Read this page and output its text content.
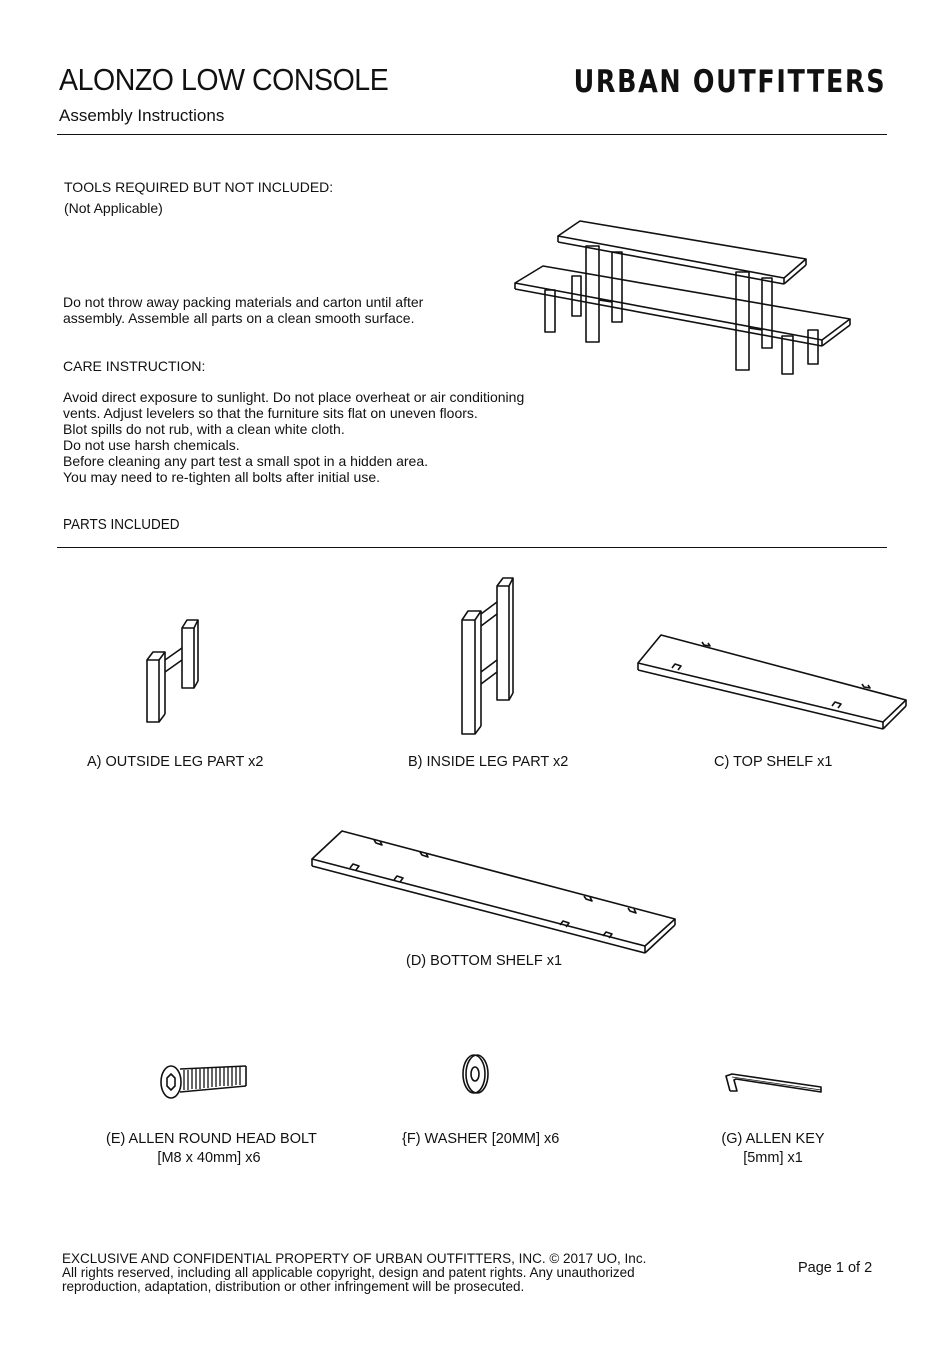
ALONZO LOW CONSOLE
Assembly Instructions
URBAN OUTFITTERS
TOOLS REQUIRED BUT NOT INCLUDED:
(Not Applicable)
Do not throw away packing materials and carton until after
assembly. Assemble all parts on a clean smooth surface.
CARE INSTRUCTION:
Avoid direct exposure to sunlight. Do not place overheat or air conditioning
vents. Adjust levelers so that the furniture sits flat on uneven floors.
Blot spills do not rub, with a clean white cloth.
Do not use harsh chemicals.
Before cleaning any part test a small spot in a hidden area.
You may need to re-tighten all bolts after initial use.
PARTS INCLUDED
A) OUTSIDE LEG PART x2	B) INSIDE LEG PART x2	C) TOP SHELF x1
(D) BOTTOM SHELF x1
(E) ALLEN ROUND HEAD BOLT
[M8 x 40mm] x6
{F) WASHER [20MM] x6	(G) ALLEN KEY
[5mm] x1
EXCLUSIVE AND CONFIDENTIAL PROPERTY OF URBAN OUTFITTERS, INC. © 2017 UO, Inc.
All rights reserved, including all applicable copyright, design and patent rights. Any unauthorized
reproduction, adaptation, distribution or other infringement will be prosecuted.
Page 1 of 2
